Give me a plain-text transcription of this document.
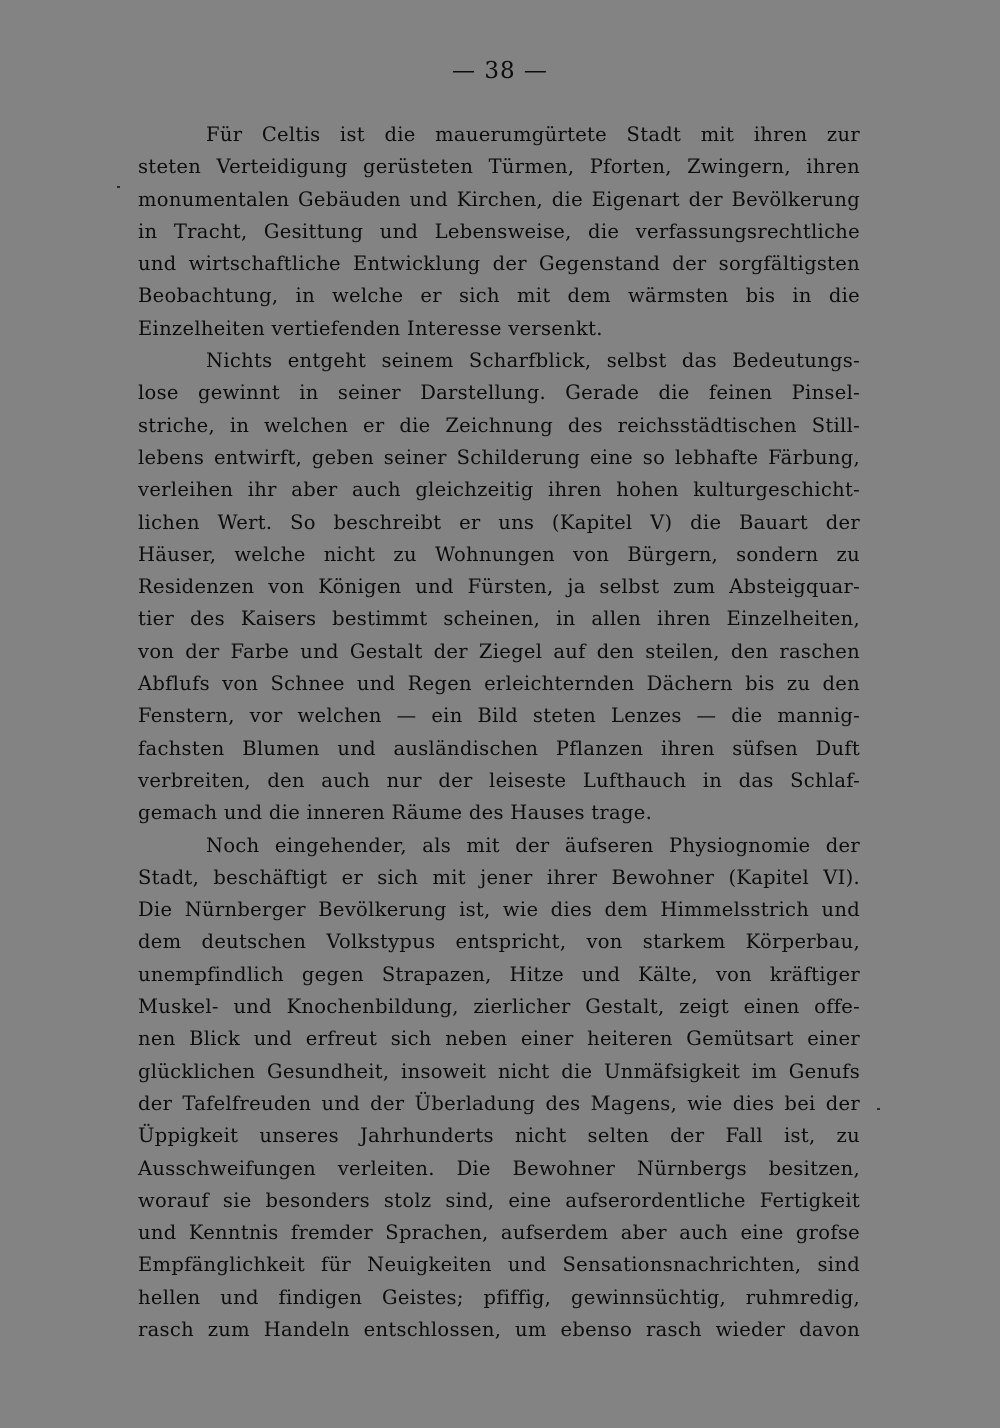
— 38 —
Für Celtis ist die mauerumgürtete Stadt mit ihren zur
steten Verteidigung gerüsteten Türmen, Pforten, Zwingern, ihren
monumentalen Gebäuden und Kirchen, die Eigenart der Bevölkerung
in Tracht, Gesittung und Lebensweise, die verfassungsrechtliche
und wirtschaftliche Entwicklung der Gegenstand der sorgfältigsten
Beobachtung, in welche er sich mit dem wärmsten bis in die
Einzelheiten vertiefenden Interesse versenkt.
Nichts entgeht seinem Scharfblick, selbst das Bedeutungs-
lose gewinnt in seiner Darstellung. Gerade die feinen Pinsel-
striche, in welchen er die Zeichnung des reichsstädtischen Still-
lebens entwirft, geben seiner Schilderung eine so lebhafte Färbung,
verleihen ihr aber auch gleichzeitig ihren hohen kulturgeschicht-
lichen Wert. So beschreibt er uns (Kapitel V) die Bauart der
Häuser, welche nicht zu Wohnungen von Bürgern, sondern zu
Residenzen von Königen und Fürsten, ja selbst zum Absteigquar-
tier des Kaisers bestimmt scheinen, in allen ihren Einzelheiten,
von der Farbe und Gestalt der Ziegel auf den steilen, den raschen
Abflufs von Schnee und Regen erleichternden Dächern bis zu den
Fenstern, vor welchen — ein Bild steten Lenzes — die mannig-
fachsten Blumen und ausländischen Pflanzen ihren süfsen Duft
verbreiten, den auch nur der leiseste Lufthauch in das Schlaf-
gemach und die inneren Räume des Hauses trage.
Noch eingehender, als mit der äufseren Physiognomie der
Stadt, beschäftigt er sich mit jener ihrer Bewohner (Kapitel VI).
Die Nürnberger Bevölkerung ist, wie dies dem Himmelsstrich und
dem deutschen Volkstypus entspricht, von starkem Körperbau,
unempfindlich gegen Strapazen, Hitze und Kälte, von kräftiger
Muskel- und Knochenbildung, zierlicher Gestalt, zeigt einen offe-
nen Blick und erfreut sich neben einer heiteren Gemütsart einer
glücklichen Gesundheit, insoweit nicht die Unmäfsigkeit im Genufs
der Tafelfreuden und der Überladung des Magens, wie dies bei der
Üppigkeit unseres Jahrhunderts nicht selten der Fall ist, zu
Ausschweifungen verleiten. Die Bewohner Nürnbergs besitzen,
worauf sie besonders stolz sind, eine aufserordentliche Fertigkeit
und Kenntnis fremder Sprachen, aufserdem aber auch eine grofse
Empfänglichkeit für Neuigkeiten und Sensationsnachrichten, sind
hellen und findigen Geistes; pfiffig, gewinnsüchtig, ruhmredig,
rasch zum Handeln entschlossen, um ebenso rasch wieder davon
